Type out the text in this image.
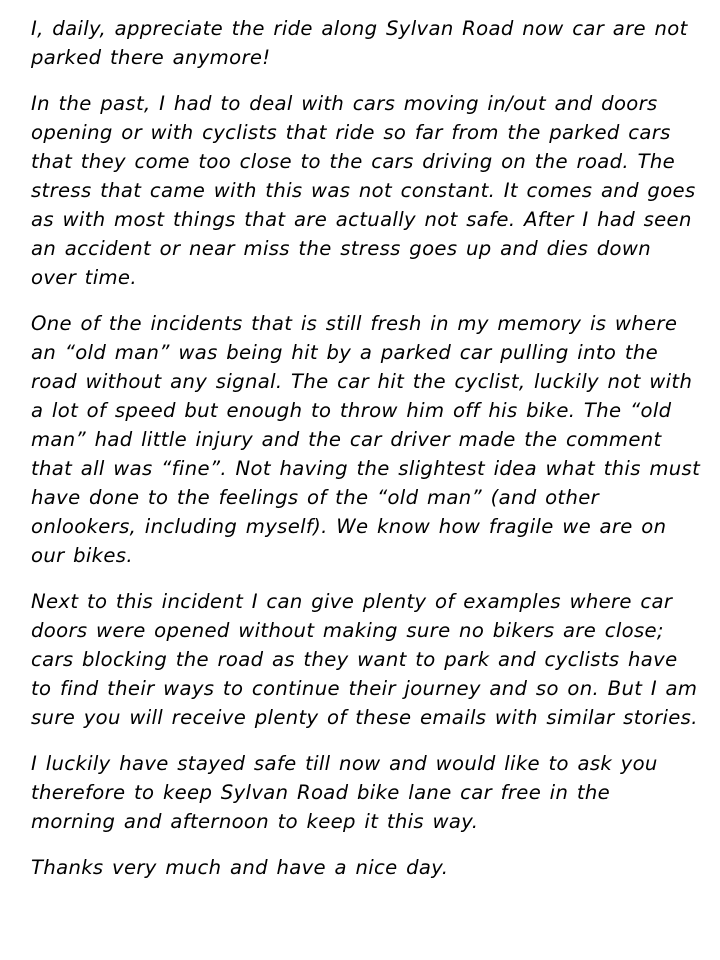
I, daily, appreciate the ride along Sylvan Road now car are not parked there anymore!

In the past, I had to deal with cars moving in/out and doors opening or with cyclists that ride so far from the parked cars that they come too close to the cars driving on the road. The stress that came with this was not constant. It comes and goes as with most things that are actually not safe. After I had seen an accident or near miss the stress goes up and dies down over time.

One of the incidents that is still fresh in my memory is where an “old man” was being hit by a parked car pulling into the road without any signal. The car hit the cyclist, luckily not with a lot of speed but enough to throw him off his bike. The “old man” had little injury and the car driver made the comment that all was “fine”. Not having the slightest idea what this must have done to the feelings of the “old man” (and other onlookers, including myself). We know how fragile we are on our bikes.

Next to this incident I can give plenty of examples where car doors were opened without making sure no bikers are close; cars blocking the road as they want to park and cyclists have to find their ways to continue their journey and so on. But I am sure you will receive plenty of these emails with similar stories.

I luckily have stayed safe till now and would like to ask you therefore to keep Sylvan Road bike lane car free in the morning and afternoon to keep it this way.

Thanks very much and have a nice day.
